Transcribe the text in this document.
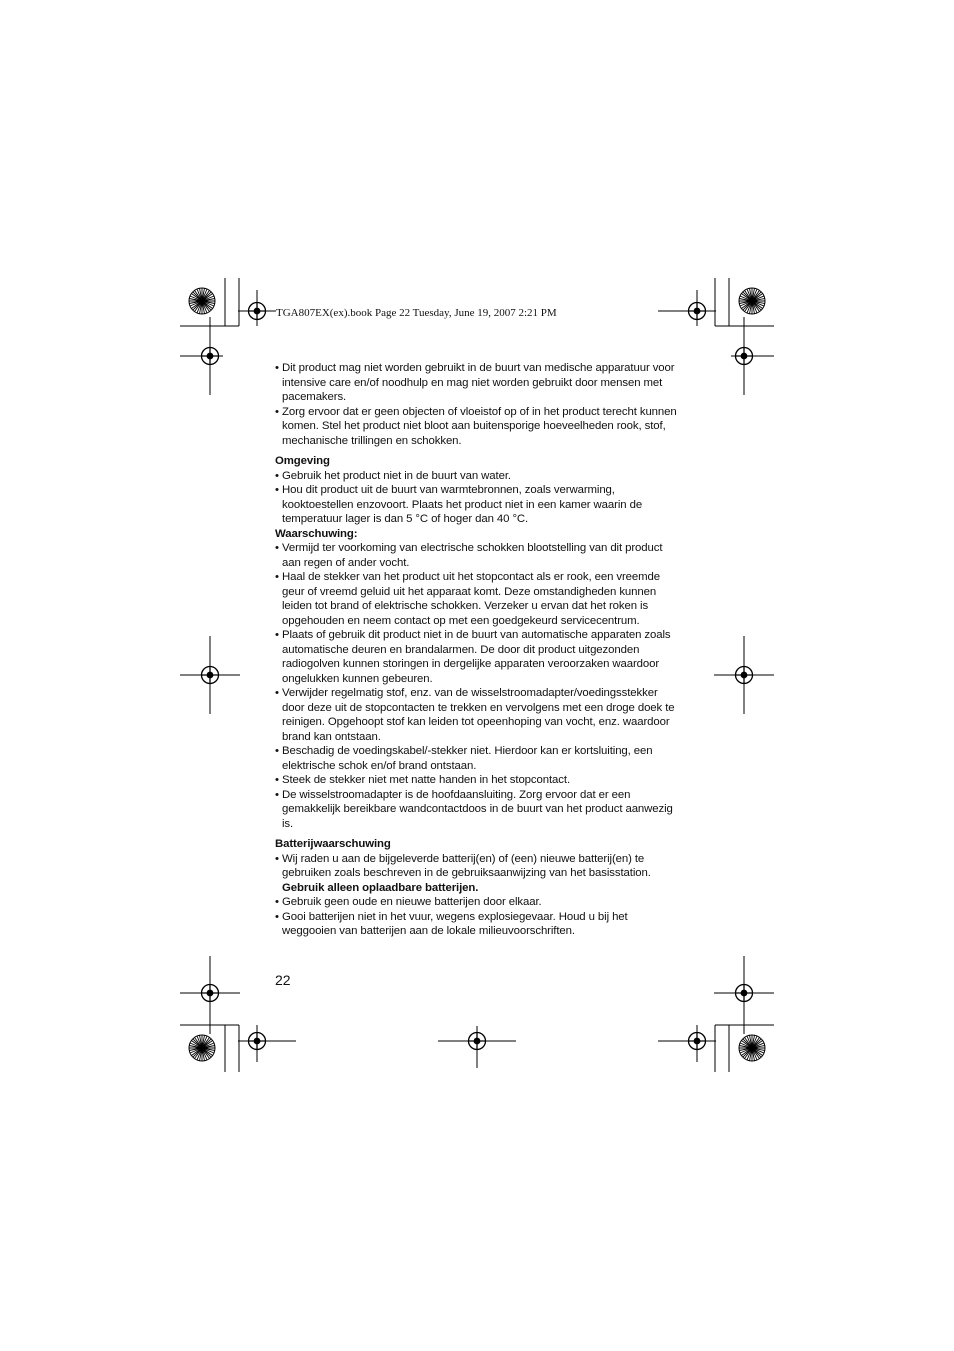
TGA807EX(ex).book Page 22 Tuesday, June 19, 2007 2:21 PM
• Dit product mag niet worden gebruikt in de buurt van medische apparatuur voor intensive care en/of noodhulp en mag niet worden gebruikt door mensen met pacemakers.
• Zorg ervoor dat er geen objecten of vloeistof op of in het product terecht kunnen komen. Stel het product niet bloot aan buitensporige hoeveelheden rook, stof, mechanische trillingen en schokken.

Omgeving

• Gebruik het product niet in de buurt van water.
• Hou dit product uit de buurt van warmtebronnen, zoals verwarming, kooktoestellen enzovoort. Plaats het product niet in een kamer waarin de temperatuur lager is dan 5 °C of hoger dan 40 °C.

Waarschuwing:

• Vermijd ter voorkoming van electrische schokken blootstelling van dit product aan regen of ander vocht.
• Haal de stekker van het product uit het stopcontact als er rook, een vreemde geur of vreemd geluid uit het apparaat komt. Deze omstandigheden kunnen leiden tot brand of elektrische schokken. Verzeker u ervan dat het roken is opgehouden en neem contact op met een goedgekeurd servicecentrum.
• Plaats of gebruik dit product niet in de buurt van automatische apparaten zoals automatische deuren en brandalarmen. De door dit product uitgezonden radiogolven kunnen storingen in dergelijke apparaten veroorzaken waardoor ongelukken kunnen gebeuren.
• Verwijder regelmatig stof, enz. van de wisselstroomadapter/voedingsstekker door deze uit de stopcontacten te trekken en vervolgens met een droge doek te reinigen. Opgehoopt stof kan leiden tot opeenhoping van vocht, enz. waardoor brand kan ontstaan.
• Beschadig de voedingskabel/-stekker niet. Hierdoor kan er kortsluiting, een elektrische schok en/of brand ontstaan.
• Steek de stekker niet met natte handen in het stopcontact.
• De wisselstroomadapter is de hoofdaansluiting. Zorg ervoor dat er een gemakkelijk bereikbare wandcontactdoos in de buurt van het product aanwezig is.

Batterijwaarschuwing

• Wij raden u aan de bijgeleverde batterij(en) of (een) nieuwe batterij(en) te gebruiken zoals beschreven in de gebruiksaanwijzing van het basisstation.
Gebruik alleen oplaadbare batterijen.
• Gebruik geen oude en nieuwe batterijen door elkaar.
• Gooi batterijen niet in het vuur, wegens explosiegevaar. Houd u bij het weggooien van batterijen aan de lokale milieuvoorschriften.
22
